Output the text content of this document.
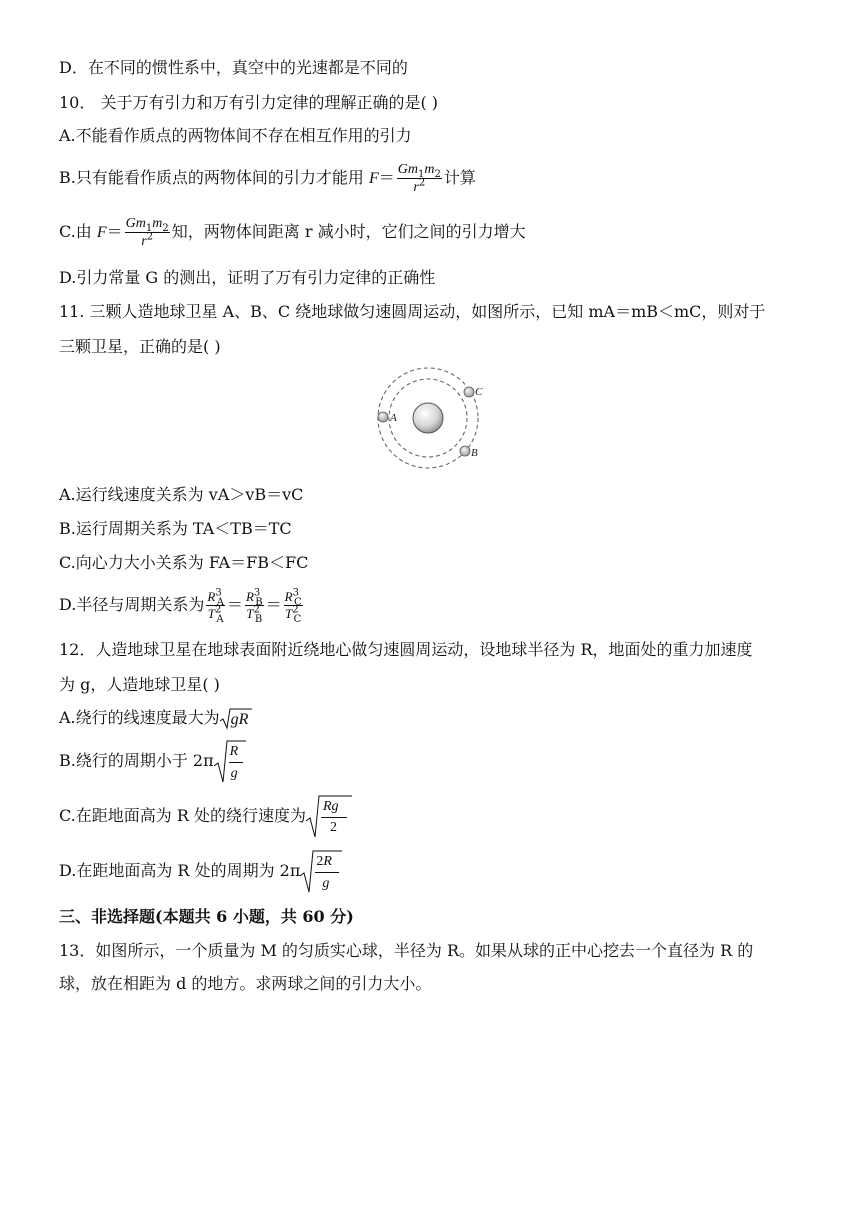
D．在不同的惯性系中，真空中的光速都是不同的
10． 关于万有引力和万有引力定律的理解正确的是( )
A.不能看作质点的两物体间不存在相互作用的引力
B.只有能看作质点的两物体间的引力才能用 $F= \frac{Gm_1m_2}{r^2}$ 计算
C.由 $F= \frac{Gm_1m_2}{r^2}$ 知，两物体间距离 r 减小时，它们之间的引力增大
D.引力常量 G 的测出，证明了万有引力定律的正确性
11. 三颗人造地球卫星 A、B、C 绕地球做匀速圆周运动，如图所示，已知 mA＝mB＜mC，则对于
三颗卫星，正确的是( )
A
C
B
A.运行线速度关系为 vA＞vB＝vC
B.运行周期关系为 TA＜TB＝TC
C.向心力大小关系为 FA＝FB＜FC
D.半径与周期关系为 $\frac{R^3_A}{T^2_A} = \frac{R^3_B}{T^2_B} = \frac{R^3_C}{T^2_C}$
12．人造地球卫星在地球表面附近绕地心做匀速圆周运动，设地球半径为 R，地面处的重力加速度
为 g，人造地球卫星( )
A.绕行的线速度最大为 gR
B.绕行的周期小于 $2\pi \frac{R}{g}$
C.在距地面高为 R 处的绕行速度为 $\frac{Rg}{2}$
D.在距地面高为 R 处的周期为 $2\pi \frac{2R}{g}$
三、非选择题(本题共 6 小题，共 60 分)
13．如图所示，一个质量为 M 的匀质实心球，半径为 R。如果从球的正中心挖去一个直径为 R 的
球，放在相距为 d 的地方。求两球之间的引力大小。
